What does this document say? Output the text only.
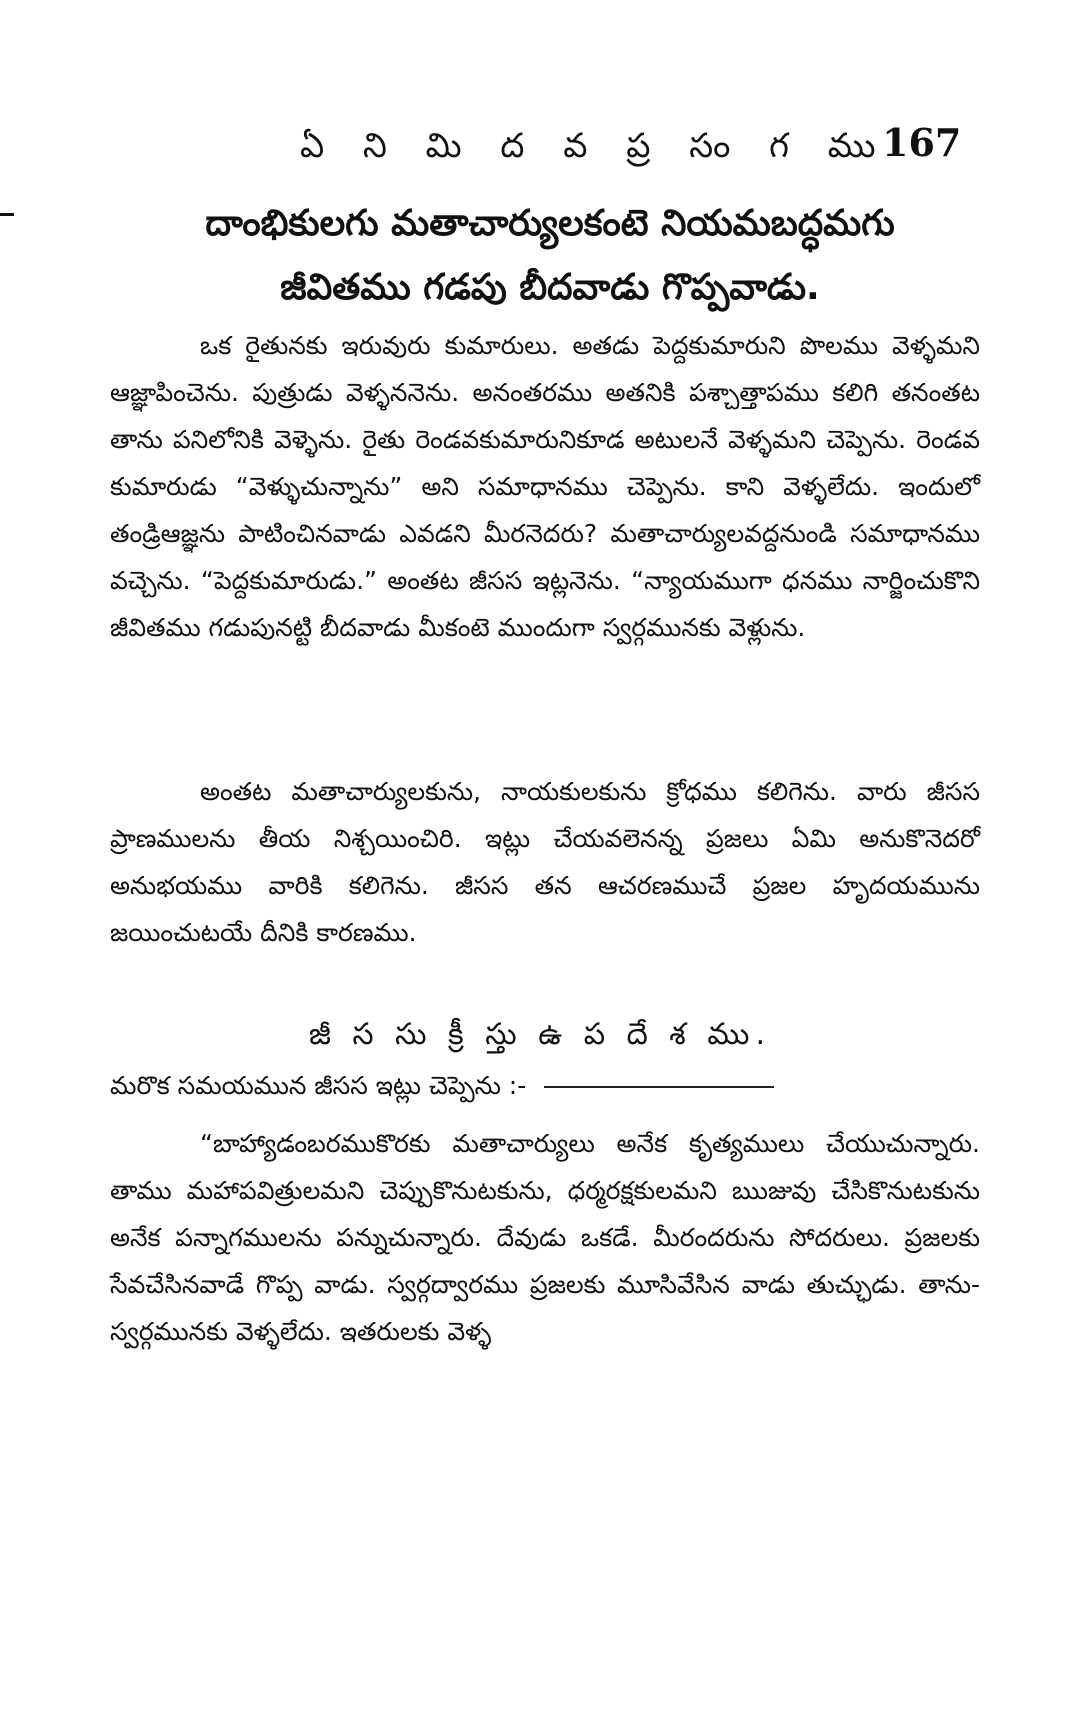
ఏ ని మి ద వ ప్ర సం గ ము
167
దాంభికులగు మతాచార్యులకంటె నియమబద్ధమగు జీవితము గడపు బీదవాడు గొప్పవాడు.
ఒక రైతునకు ఇరువురు కుమారులు. అతడు పెద్దకుమారుని పొలము వెళ్ళమని ఆజ్ఞాపించెను. పుత్రుడు వెళ్ళననెను. అనంతరము అతనికి పశ్చాత్తాపము కలిగి తనంతట తాను పనిలోనికి వెళ్ళెను. రైతు రెండవకుమారునికూడ అటులనే వెళ్ళమని చెప్పెను. రెండవ కుమారుడు “వెళ్ళుచున్నాను” అని సమాధానము చెప్పెను. కాని వెళ్ళలేదు. ఇందులో తండ్రిఆజ్ఞను పాటించినవాడు ఎవడని మీరనెదరు? మతాచార్యులవద్దనుండి సమాధానము వచ్చెను. “పెద్దకుమారుడు.” అంతట జీసస ఇట్లనెను. “న్యాయముగా ధనము నార్జించుకొని జీవితము గడుపునట్టి బీదవాడు మీకంటె ముందుగా స్వర్గమునకు వెళ్లును.
అంతట మతాచార్యులకును, నాయకులకును క్రోధము కలిగెను. వారు జీసస ప్రాణములను తీయ నిశ్చయించిరి. ఇట్లు చేయవలెనన్న ప్రజలు ఏమి అనుకొనెదరో అనుభయము వారికి కలిగెను. జీసస తన ఆచరణముచే ప్రజల హృదయమును జయించుటయే దీనికి కారణము.
జీ స సు క్రీ స్తు ఉ ప దే శ ము.
మరొక సమయమున జీసస ఇట్లు చెప్పెను :-
“బాహ్యాడంబరముకొరకు మతాచార్యులు అనేక కృత్యములు చేయుచున్నారు. తాము మహాపవిత్రులమని చెప్పుకొనుటకును, ధర్మరక్షకులమని ఋజువు చేసికొనుటకును అనేక పన్నాగములను పన్నుచున్నారు. దేవుడు ఒకడే. మీరందరును సోదరులు. ప్రజలకు సేవచేసినవాడే గొప్ప వాడు. స్వర్గద్వారము ప్రజలకు మూసివేసిన వాడు తుచ్ఛుడు. తాను-స్వర్గమునకు వెళ్ళలేదు. ఇతరులకు వెళ్ళ
